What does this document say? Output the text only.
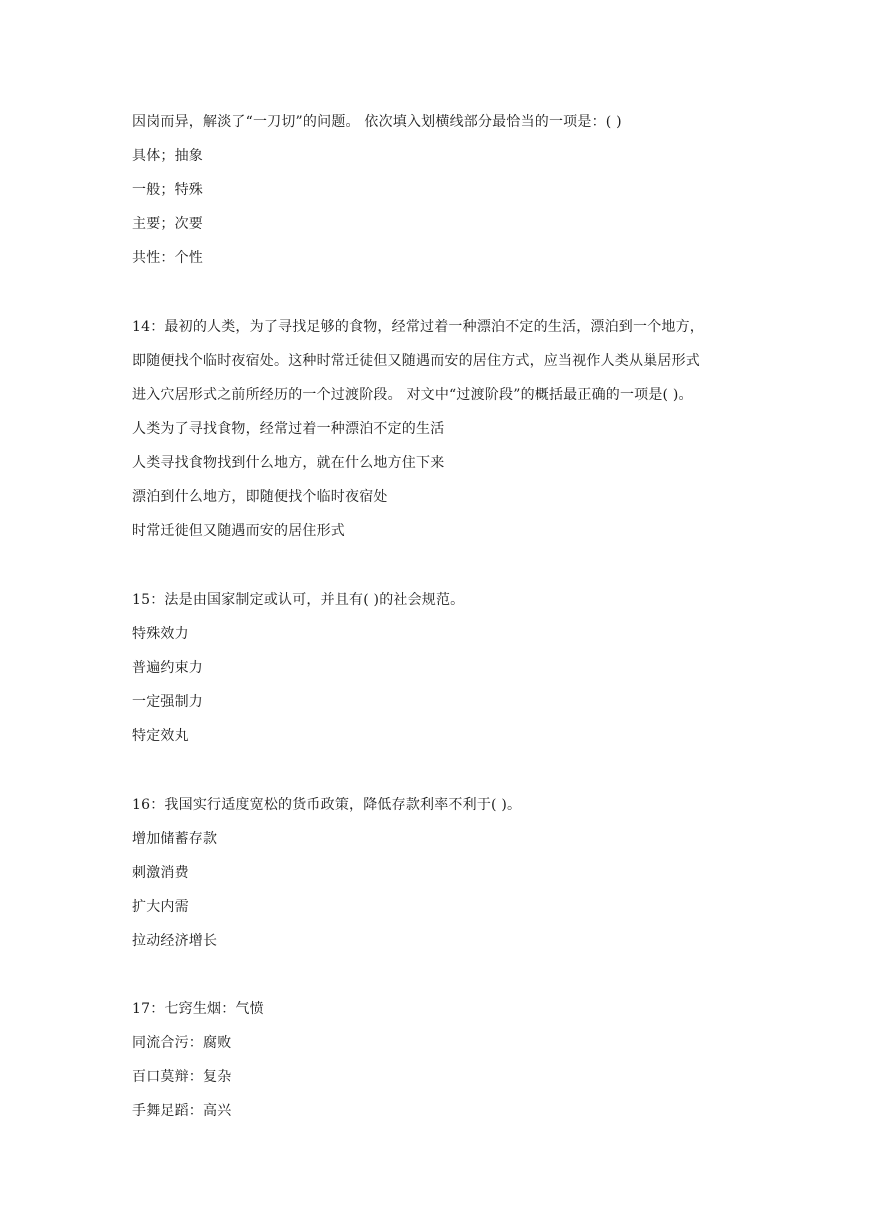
因岗而异，解淡了“一刀切”的问题。 依次填入划横线部分最恰当的一项是：( )
具体；抽象
一般；特殊
主要；次要
共性：个性
14：最初的人类，为了寻找足够的食物，经常过着一种漂泊不定的生活，漂泊到一个地方，
即随便找个临时夜宿处。这种时常迁徒但又随遇而安的居住方式，应当视作人类从巢居形式
进入穴居形式之前所经历的一个过渡阶段。 对文中“过渡阶段”的概括最正确的一项是( )。
人类为了寻找食物，经常过着一种漂泊不定的生活
人类寻找食物找到什么地方，就在什么地方住下来
漂泊到什么地方，即随便找个临时夜宿处
时常迁徙但又随遇而安的居住形式
15：法是由国家制定或认可，并且有( )的社会规范。
特殊效力
普遍约束力
一定强制力
特定效丸
16：我国实行适度宽松的货币政策，降低存款利率不利于( )。
增加储蓄存款
刺激消费
扩大内需
拉动经济增长
17：七窍生烟：气愤
同流合污：腐败
百口莫辩：复杂
手舞足蹈：高兴
